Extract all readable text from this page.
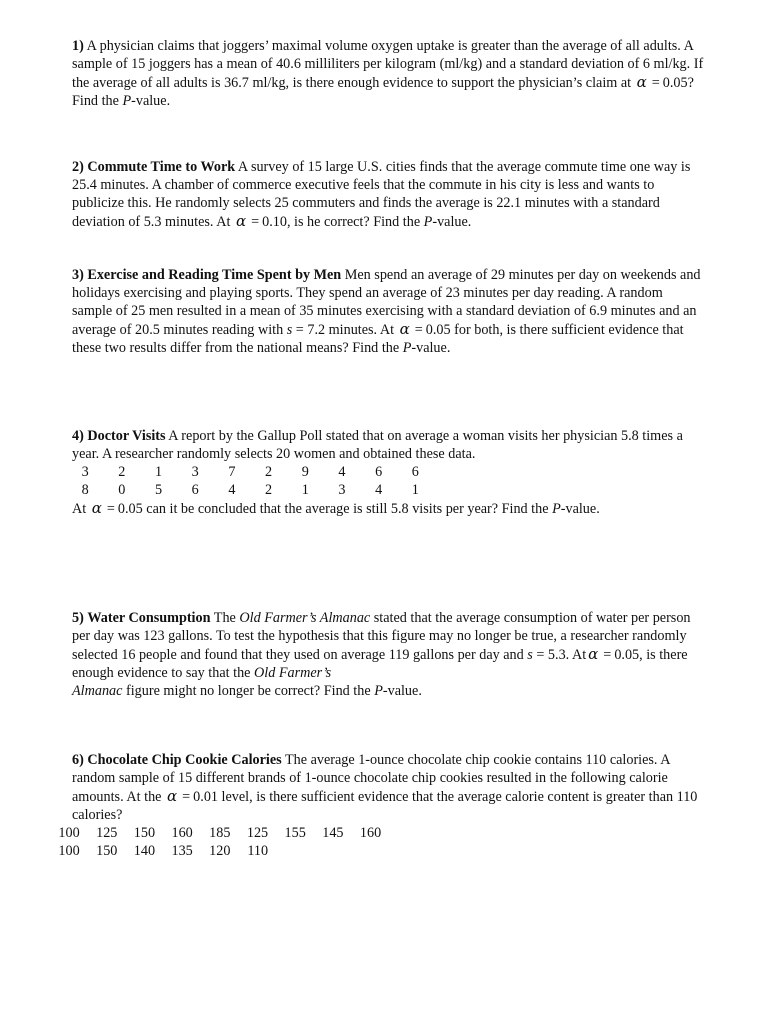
1) A physician claims that joggers’ maximal volume oxygen uptake is greater than the average of all adults. A sample of 15 joggers has a mean of 40.6 milliliters per kilogram (ml/kg) and a standard deviation of 6 ml/kg. If the average of all adults is 36.7 ml/kg, is there enough evidence to support the physician’s claim at α = 0.05? Find the P-value.

2) Commute Time to Work A survey of 15 large U.S. cities finds that the average commute time one way is

25.4 minutes. A chamber of commerce executive feels that the commute in his city is less and wants to publicize this. He randomly selects 25 commuters and finds the average is 22.1 minutes with a standard deviation of 5.3 minutes. At α = 0.10, is he correct? Find the P-value.

3) Exercise and Reading Time Spent by Men Men spend an average of 29 minutes per day on weekends and holidays exercising and playing sports. They spend an average of 23 minutes per day reading. A random sample of 25 men resulted in a mean of 35 minutes exercising with a standard deviation of 6.9 minutes and an average of 20.5 minutes reading with s = 7.2 minutes. At α = 0.05 for both, is there sufficient evidence that these two results differ from the national means? Find the P-value.

4) Doctor Visits A report by the Gallup Poll stated that on average a woman visits her physician 5.8 times a year. A researcher randomly selects 20 women and obtained these data.

3	2	1	3	7	2	9	4	6	6
8	0	5	6	4	2	1	3	4	1

At α = 0.05 can it be concluded that the average is still 5.8 visits per year? Find the P-value.

5) Water Consumption The Old Farmer’s Almanac stated that the average consumption of water per person per day was 123 gallons. To test the hypothesis that this figure may no longer be true, a researcher randomly selected 16 people and found that they used on average 119 gallons per day and s = 5.3. At α = 0.05, is there enough evidence to say that the Old Farmer’s
Almanac figure might no longer be correct? Find the P-value.

6) Chocolate Chip Cookie Calories The average 1-ounce chocolate chip cookie contains 110 calories. A random sample of 15 different brands of 1-ounce chocolate chip cookies resulted in the following calorie amounts. At the α = 0.01 level, is there sufficient evidence that the average calorie content is greater than 110 calories?

100	125	150	160	185	125	155	145	160
100	150	140	135	120	110			
